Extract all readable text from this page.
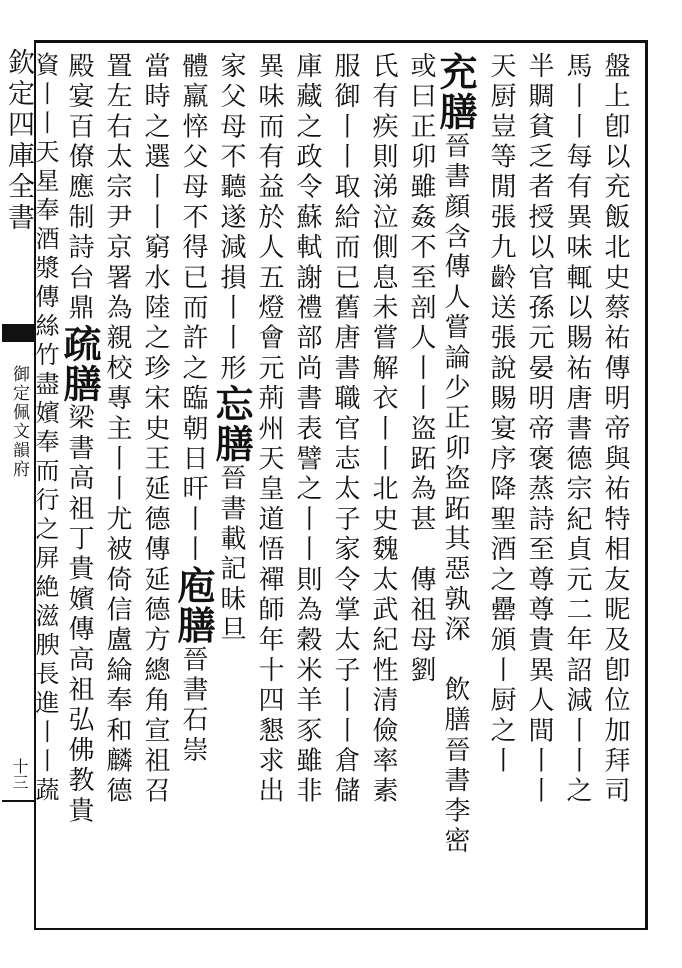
欽定四庫全書
御定佩文韻府
十三	盤上卽以充飯北史蔡祐傳明帝與祐特相友昵及卽位加拜司
馬丨丨每有異味輒以賜祐唐書德宗紀貞元二年詔減丨丨之
半賙貧乏者授以官孫元晏明帝褒蒸詩至尊尊貴異人間丨丨
天厨豈等閒張九齡送張說賜宴序降聖酒之罍頒丨厨之丨
充膳晉書顔含傳人嘗論少正卯盗跖其惡孰深　飲膳晉書李密
或曰正卯雖姦不至剖人丨丨盗跖為甚　傳祖母劉
氏有疾則涕泣側息未嘗解衣丨丨北史魏太武紀性清儉率素
服御丨丨取給而已舊唐書職官志太子家令掌太子丨丨倉儲
庫藏之政令蘇軾謝禮部尚書表譬之丨丨則為穀米羊豕雖非
異味而有益於人五燈會元荊州天皇道悟禪師年十四懇求出
家父母不聽遂減損丨丨形忘膳晉書載記昧旦
體羸悴父母不得已而許之臨朝日旰丨丨庖膳晉書石崇
當時之選丨丨窮水陸之珍宋史王延德傳延德方總角宣祖召
置左右太宗尹京署為親校專主丨丨尤被倚信盧綸奉和麟德
殿宴百僚應制詩台鼎疏膳梁書高祖丁貴嬪傳高祖弘佛教貴
資丨丨天星奉酒漿傳絲竹盡嬪奉而行之屏絶滋腴長進丨丨蔬
